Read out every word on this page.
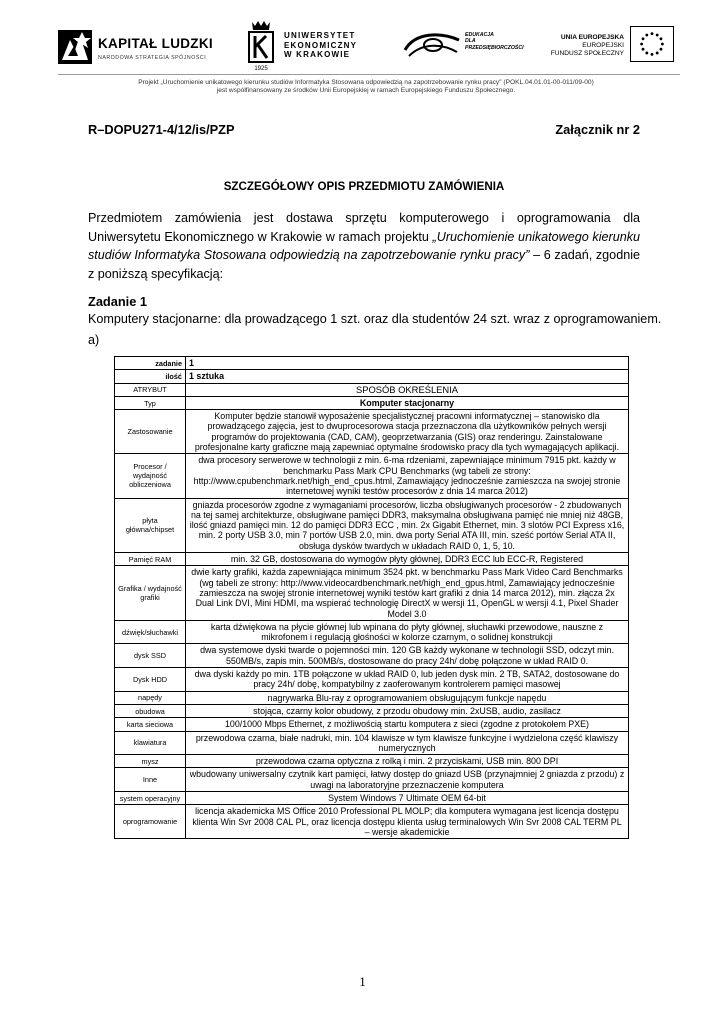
KAPITAŁ LUDZKI
NARODOWA STRATEGIA SPÓJNOŚCI
1925
UNIWERSYTET
EKONOMICZNY
W KRAKOWIE
EDUKACJA
DLA
PRZEDSIĘBIORCZOŚCI
UNIA EUROPEJSKA
EUROPEJSKI
FUNDUSZ SPOŁECZNY
Projekt „Uruchomienie unikatowego kierunku studiów Informatyka Stosowana odpowiedzią na zapotrzebowanie rynku pracy" (POKL.04.01.01-00-011/09-00)
jest współfinansowany ze środków Unii Europejskiej w ramach Europejskiego Funduszu Społecznego.
R–DOPU271-4/12/is/PZP	Załącznik nr 2
SZCZEGÓŁOWY OPIS PRZEDMIOTU ZAMÓWIENIA

Przedmiotem zamówienia jest dostawa sprzętu komputerowego i oprogramowania dla Uniwersytetu Ekonomicznego w Krakowie w ramach projektu „Uruchomienie unikatowego kierunku studiów Informatyka Stosowana odpowiedzią na zapotrzebowanie rynku pracy” – 6 zadań, zgodnie z poniższą specyfikacją:

Zadanie 1
Komputery stacjonarne: dla prowadzącego 1 szt. oraz dla studentów 24 szt. wraz z oprogramowaniem.
a)
zadanie	1
ilość	1 sztuka
ATRYBUT	SPOSÓB OKREŚLENIA
Typ	Komputer stacjonarny
Zastosowanie	Komputer będzie stanowił wyposażenie specjalistycznej pracowni informatycznej – stanowisko dla prowadzącego zajęcia, jest to dwuprocesorowa stacja przeznaczona dla użytkowników pełnych wersji programów do projektowania (CAD, CAM), geoprzetwarzania (GIS) oraz renderingu. Zainstalowane profesjonalne karty graficzne mają zapewniać optymalne środowisko pracy dla tych wymagających aplikacji.
Procesor / wydajność obliczeniowa	dwa procesory serwerowe w technologii z min. 6-ma rdzeniami, zapewniające minimum 7915 pkt. każdy w benchmarku Pass Mark CPU Benchmarks (wg tabeli ze strony: http://www.cpubenchmark.net/high_end_cpus.html, Zamawiający jednocześnie zamieszcza na swojej stronie internetowej wyniki testów procesorów z dnia 14 marca 2012)
płyta główna/chipset	gniazda procesorów zgodne z wymaganiami procesorów, liczba obsługiwanych procesorów - 2 zbudowanych na tej samej architekturze, obsługiwane pamięci DDR3, maksymalna obsługiwana pamięć nie mniej niż 48GB, ilość gniazd pamięci min. 12 do pamięci DDR3 ECC , min. 2x Gigabit Ethernet, min. 3 slotów PCI Express x16, min. 2 porty USB 3.0, min 7 portów USB 2.0, min. dwa porty Serial ATA III, min. sześć portów Serial ATA II, obsługa dysków twardych w układach RAID 0, 1, 5, 10.
Pamięć RAM	min. 32 GB, dostosowana do wymogów płyty głównej, DDR3 ECC lub ECC-R, Registered
Grafika / wydajność grafiki	dwie karty grafiki, każda zapewniająca minimum 3524 pkt. w benchmarku Pass Mark Video Card Benchmarks (wg tabeli ze strony: http://www.videocardbenchmark.net/high_end_gpus.html, Zamawiający jednocześnie zamieszcza na swojej stronie internetowej wyniki testów kart grafiki z dnia 14 marca 2012), min. złącza 2x Dual Link DVI, Mini HDMI, ma wspierać technologię DirectX w wersji 11, OpenGL w wersji 4.1, Pixel Shader Model 3.0
dźwięk/słuchawki	karta dźwiękowa na płycie głównej lub wpinana do płyty głównej, słuchawki przewodowe, nauszne z mikrofonem i regulacją głośności w kolorze czarnym, o solidnej konstrukcji
dysk SSD	dwa systemowe dyski twarde o pojemności min. 120 GB każdy wykonane w technologii SSD, odczyt min. 550MB/s, zapis min. 500MB/s, dostosowane do pracy 24h/ dobę połączone w układ RAID 0.
Dysk HDD	dwa dyski każdy po min. 1TB połączone w układ RAID 0, lub jeden dysk min. 2 TB, SATA2, dostosowane do pracy 24h/ dobę, kompatybilny z zaoferowanym kontrolerem pamięci masowej
napędy	nagrywarka Blu-ray z oprogramowaniem obsługującym funkcje napędu
obudowa	stojąca, czarny kolor obudowy, z przodu obudowy min. 2xUSB, audio, zasilacz
karta sieciowa	100/1000 Mbps Ethernet, z możliwością startu komputera z sieci (zgodne z protokołem PXE)
klawiatura	przewodowa czarna, białe nadruki, min. 104 klawisze w tym klawisze funkcyjne i wydzielona część klawiszy numerycznych
mysz	przewodowa czarna optyczna z rolką i min. 2 przyciskami, USB min. 800 DPI
Inne	wbudowany uniwersalny czytnik kart pamięci, łatwy dostęp do gniazd USB (przynajmniej 2 gniazda z przodu) z uwagi na laboratoryjne przeznaczenie komputera
system operacyjny	System Windows 7 Ultimate OEM 64-bit
oprogramowanie	licencja akademicka MS Office 2010 Professional PL MOLP; dla komputera wymagana jest licencja dostępu klienta Win Svr 2008 CAL PL, oraz licencja dostępu klienta usług terminalowych Win Svr 2008 CAL TERM PL – wersje akademickie
1
